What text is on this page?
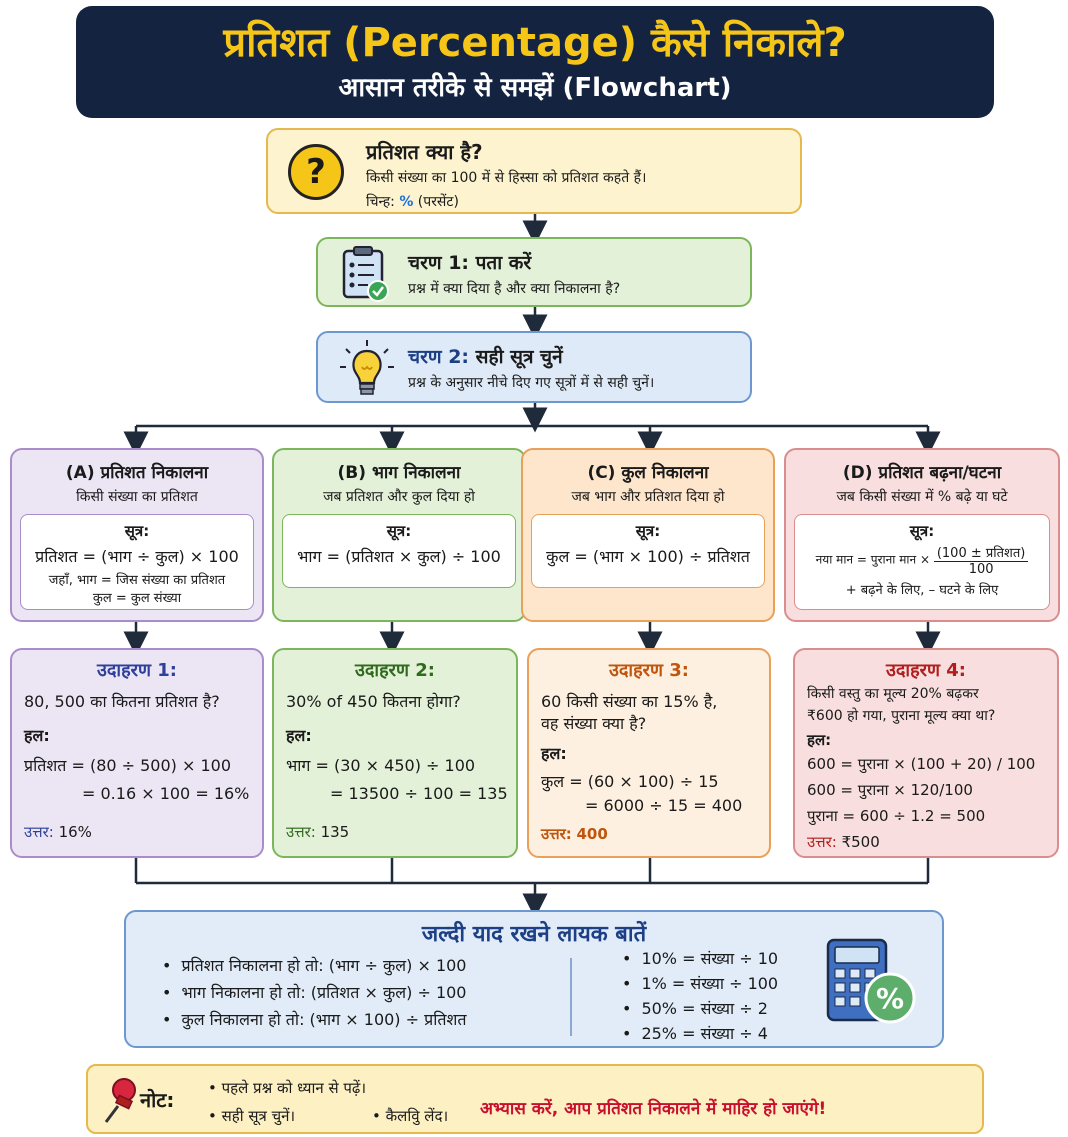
प्रतिशत (Percentage) कैसे निकाले?
आसान तरीके से समझें (Flowchart)
?	प्रतिशत क्या है?
किसी संख्या का 100 में से हिस्सा को प्रतिशत कहते हैं।
चिन्ह: % (परसेंट)
चरण 1: पता करें
प्रश्न में क्या दिया है और क्या निकालना है?
चरण 2: सही सूत्र चुनें
प्रश्न के अनुसार नीचे दिए गए सूत्रों में से सही चुनें।
(A) प्रतिशत निकालना
किसी संख्या का प्रतिशत
सूत्र:
प्रतिशत = (भाग ÷ कुल) × 100
जहाँ, भाग = जिस संख्या का प्रतिशत
कुल = कुल संख्या
(B) भाग निकालना
जब प्रतिशत और कुल दिया हो
सूत्र:
भाग = (प्रतिशत × कुल) ÷ 100
(C) कुल निकालना
जब भाग और प्रतिशत दिया हो
सूत्र:
कुल = (भाग × 100) ÷ प्रतिशत
(D) प्रतिशत बढ़ना/घटना
जब किसी संख्या में % बढ़े या घटे
सूत्र:
नया मान = पुराना मान × $\frac{\text{(100 ± प्रतिशत)}}{100}$
+ बढ़ने के लिए, – घटने के लिए
उदाहरण 1:
80, 500 का कितना प्रतिशत है?
हल:
प्रतिशत = (80 ÷ 500) × 100
= 0.16 × 100 = 16%
उत्तर: 16%
उदाहरण 2:
30% of 450 कितना होगा?
हल:
भाग = (30 × 450) ÷ 100
= 13500 ÷ 100 = 135
उत्तर: 135
उदाहरण 3:
60 किसी संख्या का 15% है,
वह संख्या क्या है?
हल:
कुल = (60 × 100) ÷ 15
= 6000 ÷ 15 = 400
उत्तर: 400
उदाहरण 4:
किसी वस्तु का मूल्य 20% बढ़कर
₹600 हो गया, पुराना मूल्य क्या था?
हल:
600 = पुराना × (100 + 20) / 100
600 = पुराना × 120/100
पुराना = 600 ÷ 1.2 = 500
उत्तर: ₹500
जल्दी याद रखने लायक बातें
• प्रतिशत निकालना हो तो: (भाग ÷ कुल) × 100
• भाग निकालना हो तो: (प्रतिशत × कुल) ÷ 100
• कुल निकालना हो तो: (भाग × 100) ÷ प्रतिशत
• 10% = संख्या ÷ 10
• 1% = संख्या ÷ 100
• 50% = संख्या ÷ 2
• 25% = संख्या ÷ 4
%
नोट: • पहले प्रश्न को ध्यान से पढ़ें।
• सही सूत्र चुनें।	• कैलवुि लेंद। अभ्यास करें, आप प्रतिशत निकालने में माहिर हो जाएंगे!
